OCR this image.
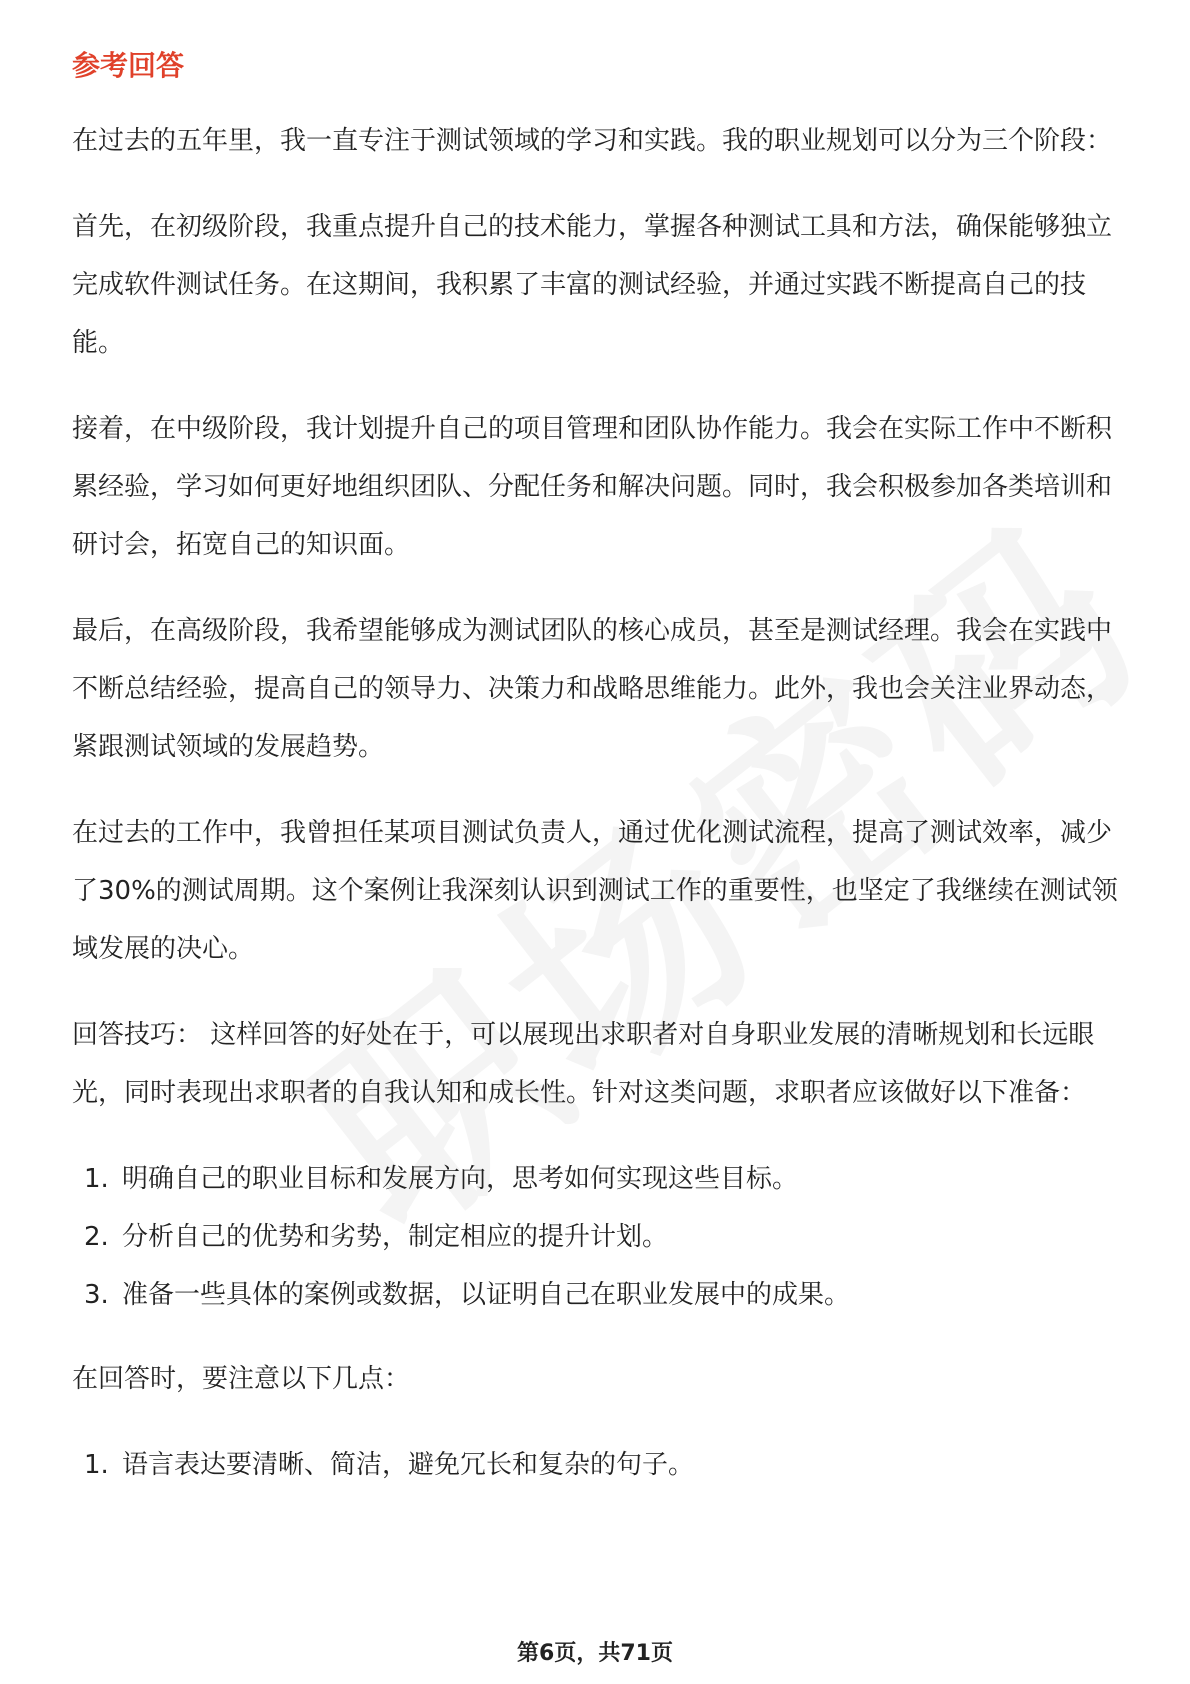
参考回答

在过去的五年里，我一直专注于测试领域的学习和实践。我的职业规划可以分为三个阶段：

首先，在初级阶段，我重点提升自己的技术能力，掌握各种测试工具和方法，确保能够独立完成软件测试任务。在这期间，我积累了丰富的测试经验，并通过实践不断提高自己的技能。

接着，在中级阶段，我计划提升自己的项目管理和团队协作能力。我会在实际工作中不断积累经验，学习如何更好地组织团队、分配任务和解决问题。同时，我会积极参加各类培训和研讨会，拓宽自己的知识面。

最后，在高级阶段，我希望能够成为测试团队的核心成员，甚至是测试经理。我会在实践中不断总结经验，提高自己的领导力、决策力和战略思维能力。此外，我也会关注业界动态，紧跟测试领域的发展趋势。

在过去的工作中，我曾担任某项目测试负责人，通过优化测试流程，提高了测试效率，减少了30%的测试周期。这个案例让我深刻认识到测试工作的重要性，也坚定了我继续在测试领域发展的决心。

回答技巧： 这样回答的好处在于，可以展现出求职者对自身职业发展的清晰规划和长远眼光，同时表现出求职者的自我认知和成长性。针对这类问题，求职者应该做好以下准备：

1. 明确自己的职业目标和发展方向，思考如何实现这些目标。
2. 分析自己的优势和劣势，制定相应的提升计划。
3. 准备一些具体的案例或数据，以证明自己在职业发展中的成果。

在回答时，要注意以下几点：

1. 语言表达要清晰、简洁，避免冗长和复杂的句子。
第6页，共71页
